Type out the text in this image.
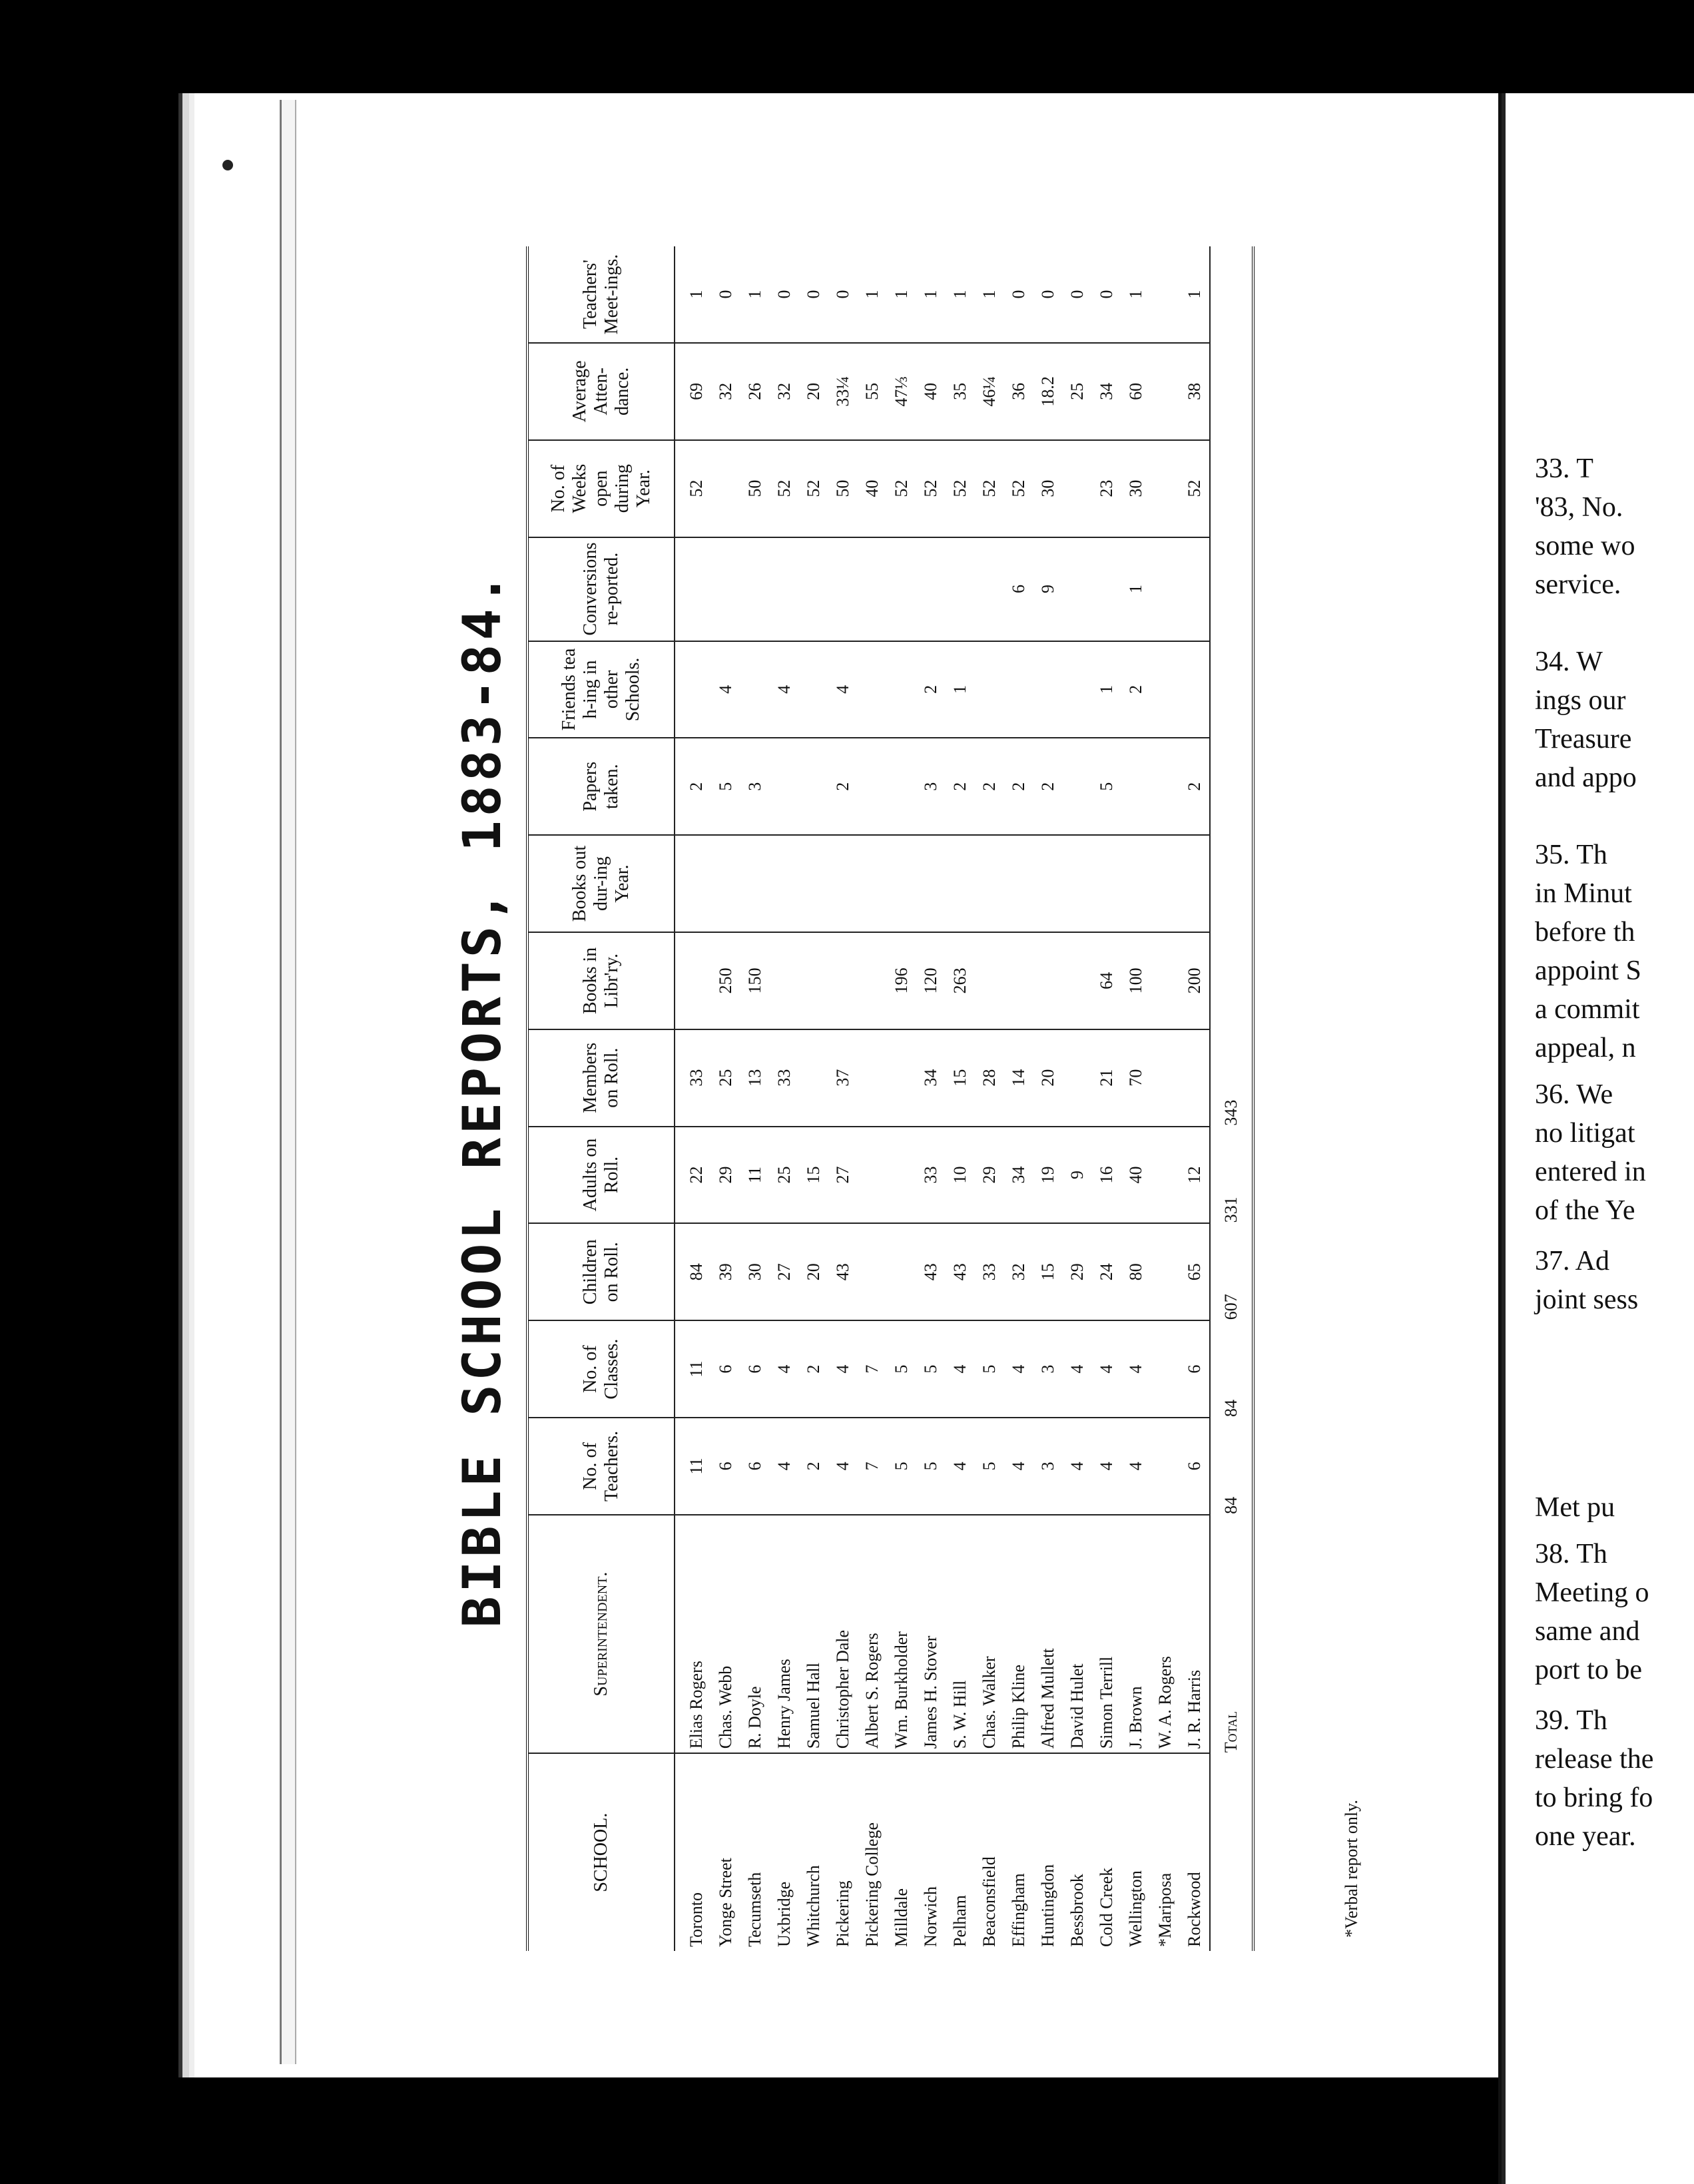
BIBLE SCHOOL REPORTS, 1883-84.
SCHOOL.	Superintendent.	No. of Teachers.	No. of Classes.	Children on Roll.	Adults on Roll.	Members on Roll.	Books in Libr'ry.	Books out dur-ing Year.	Papers taken.	Friends tea h-ing in other Schools.	Conversions re-ported.	No. of Weeks open during Year.	Average Atten-dance.	Teachers' Meet-ings.
Toronto	Elias Rogers	11	11	84	22	33			2			52	69	1
Yonge Street	Chas. Webb	6	6	39	29	25	250		5	4			32	0
Tecumseth	R. Doyle	6	6	30	11	13	150		3			50	26	1
Uxbridge	Henry James	4	4	27	25	33				4		52	32	0
Whitchurch	Samuel Hall	2	2	20	15							52	20	0
Pickering	Christopher Dale	4	4	43	27	37			2	4		50	33¼	0
Pickering College	Albert S. Rogers	7	7									40	55	1
Milldale	Wm. Burkholder	5	5				196					52	47⅓	1
Norwich	James H. Stover	5	5	43	33	34	120		3	2		52	40	1
Pelham	S. W. Hill	4	4	43	10	15	263		2	1		52	35	1
Beaconsfield	Chas. Walker	5	5	33	29	28			2			52	46¼	1
Effingham	Philip Kline	4	4	32	34	14			2		6	52	36	0
Huntingdon	Alfred Mullett	3	3	15	19	20			2		9	30	18.2	0
Bessbrook	David Hulet	4	4	29	9								25	0
Cold Creek	Simon Terrill	4	4	24	16	21	64		5	1		23	34	0
Wellington	J. Brown	4	4	80	40	70	100			2	1	30	60	1
*Mariposa	W. A. Rogers													
Rockwood	J. R. Harris	6	6	65	12		200		2			52	38	1
	Total	84	84	607	331	343								
*Verbal report only.
33. T
'83, No.
some wo
service.
34. W
ings our
Treasure
and appo
35. Th
in Minut
before th
appoint S
a commit
appeal, n
36. We
no litigat
entered in
of the Ye
37. Ad
joint sess
Met pu
38. Th
Meeting o
same and
port to be
39. Th
release the
to bring fo
one year.
